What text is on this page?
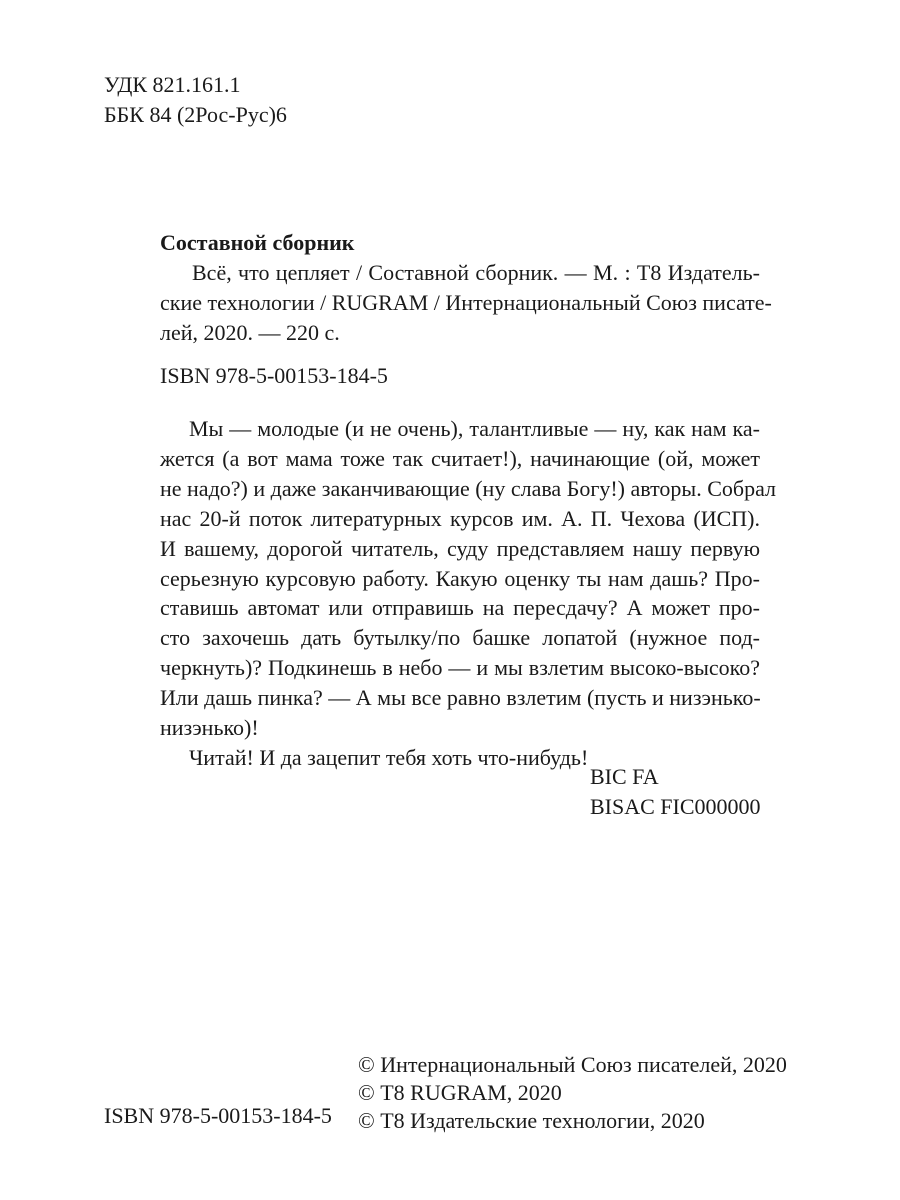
УДК 821.161.1
ББК 84 (2Рос-Рус)6
Составной сборник
Всё, что цепляет / Составной сборник. — М. : Т8 Издатель-
ские технологии / RUGRAM / Интернациональный Союз писате-
лей, 2020. — 220 с.
ISBN 978-5-00153-184-5
Мы — молодые (и не очень), талантливые — ну, как нам ка-
жется (а вот мама тоже так считает!), начинающие (ой, может
не надо?) и даже заканчивающие (ну слава Богу!) авторы. Собрал
нас 20-й поток литературных курсов им. А. П. Чехова (ИСП).
И вашему, дорогой читатель, суду представляем нашу первую
серьезную курсовую работу. Какую оценку ты нам дашь? Про-
ставишь автомат или отправишь на пересдачу? А может про-
сто захочешь дать бутылку/по башке лопатой (нужное под-
черкнуть)? Подкинешь в небо — и мы взлетим высоко-высоко?
Или дашь пинка? — А мы все равно взлетим (пусть и низэнько-
низэнько)!
Читай! И да зацепит тебя хоть что-нибудь!
BIC FA
BISAC FIC000000
ISBN 978-5-00153-184-5
© Интернациональный Союз писателей, 2020
© Т8 RUGRAM, 2020
© Т8 Издательские технологии, 2020
